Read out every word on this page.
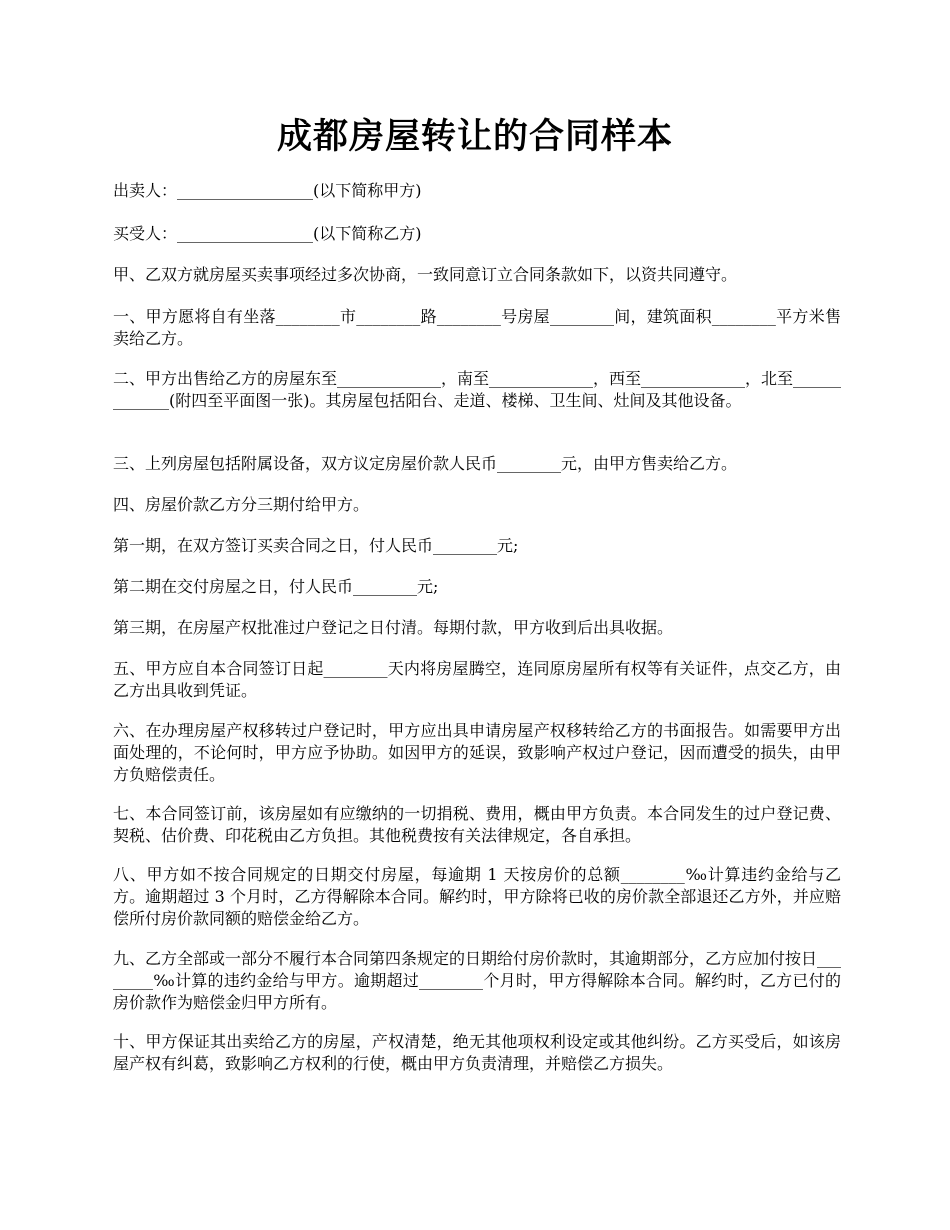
成都房屋转让的合同样本
出卖人：_________________(以下简称甲方)
买受人：_________________(以下简称乙方)
甲、乙双方就房屋买卖事项经过多次协商，一致同意订立合同条款如下，以资共同遵守。
一、甲方愿将自有坐落________市________路________号房屋________间，建筑面积________平方米售卖给乙方。
二、甲方出售给乙方的房屋东至_____________，南至_____________，西至_____________，北至_____________(附四至平面图一张)。其房屋包括阳台、走道、楼梯、卫生间、灶间及其他设备。
三、上列房屋包括附属设备，双方议定房屋价款人民币________元，由甲方售卖给乙方。
四、房屋价款乙方分三期付给甲方。
第一期，在双方签订买卖合同之日，付人民币________元;
第二期在交付房屋之日，付人民币________元;
第三期，在房屋产权批准过户登记之日付清。每期付款，甲方收到后出具收据。
五、甲方应自本合同签订日起________天内将房屋腾空，连同原房屋所有权等有关证件，点交乙方，由乙方出具收到凭证。
六、在办理房屋产权移转过户登记时，甲方应出具申请房屋产权移转给乙方的书面报告。如需要甲方出面处理的，不论何时，甲方应予协助。如因甲方的延误，致影响产权过户登记，因而遭受的损失，由甲方负赔偿责任。
七、本合同签订前，该房屋如有应缴纳的一切捐税、费用，概由甲方负责。本合同发生的过户登记费、契税、估价费、印花税由乙方负担。其他税费按有关法律规定，各自承担。
八、甲方如不按合同规定的日期交付房屋，每逾期 1 天按房价的总额________‰计算违约金给与乙方。逾期超过 3 个月时，乙方得解除本合同。解约时，甲方除将已收的房价款全部退还乙方外，并应赔偿所付房价款同额的赔偿金给乙方。
九、乙方全部或一部分不履行本合同第四条规定的日期给付房价款时，其逾期部分，乙方应加付按日________‰计算的违约金给与甲方。逾期超过________个月时，甲方得解除本合同。解约时，乙方已付的房价款作为赔偿金归甲方所有。
十、甲方保证其出卖给乙方的房屋，产权清楚，绝无其他项权利设定或其他纠纷。乙方买受后，如该房屋产权有纠葛，致影响乙方权利的行使，概由甲方负责清理，并赔偿乙方损失。
